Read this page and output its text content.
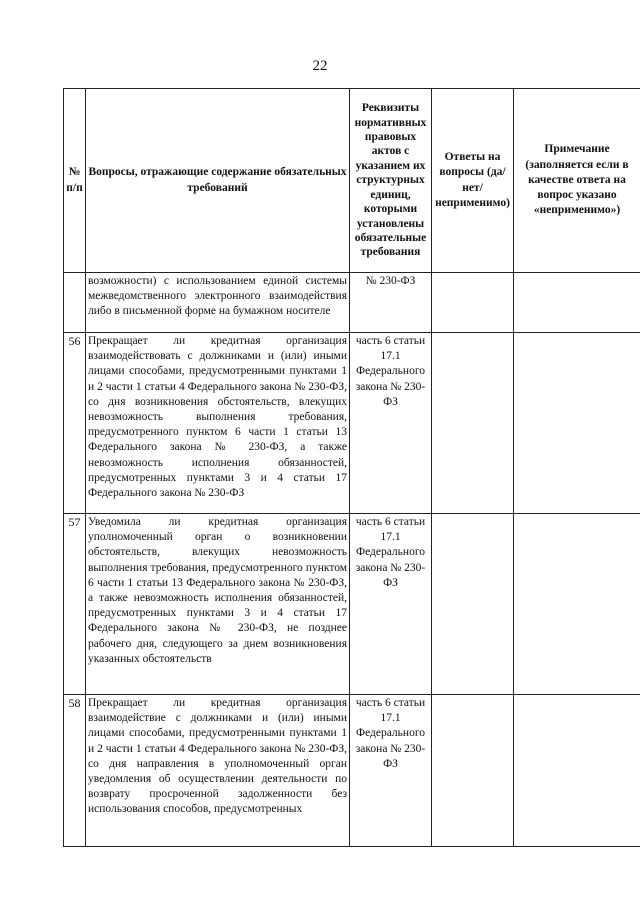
22
№ п/п	Вопросы, отражающие содержание обязательных требований	Реквизиты нормативных правовых актов с указанием их структурных единиц, которыми установлены обязательные требования	Ответы на вопросы (да/нет/ неприменимо)	Примечание (заполняется если в качестве ответа на вопрос указано «неприменимо»)
	возможности) с использованием единой системы межведомственного электронного взаимодействия либо в письменной форме на бумажном носителе	№ 230-ФЗ		
56	Прекращает ли кредитная организация взаимодействовать с должниками и (или) иными лицами способами, предусмотренными пунктами 1 и 2 части 1 статьи 4 Федерального закона № 230-ФЗ, со дня возникновения обстоятельств, влекущих невозможность выполнения требования, предусмотренного пунктом 6 части 1 статьи 13 Федерального закона № 230-ФЗ, а также невозможность исполнения обязанностей, предусмотренных пунктами 3 и 4 статьи 17 Федерального закона № 230-ФЗ	часть 6 статьи 17.1 Федерального закона № 230-ФЗ		
57	Уведомила ли кредитная организация уполномоченный орган о возникновении обстоятельств, влекущих невозможность выполнения требования, предусмотренного пунктом 6 части 1 статьи 13 Федерального закона № 230-ФЗ, а также невозможность исполнения обязанностей, предусмотренных пунктами 3 и 4 статьи 17 Федерального закона № 230-ФЗ, не позднее рабочего дня, следующего за днем возникновения указанных обстоятельств	часть 6 статьи 17.1 Федерального закона № 230-ФЗ		
58	Прекращает ли кредитная организация взаимодействие с должниками и (или) иными лицами способами, предусмотренными пунктами 1 и 2 части 1 статьи 4 Федерального закона № 230-ФЗ, со дня направления в уполномоченный орган уведомления об осуществлении деятельности по возврату просроченной задолженности без использования способов, предусмотренных	часть 6 статьи 17.1 Федерального закона № 230-ФЗ		
